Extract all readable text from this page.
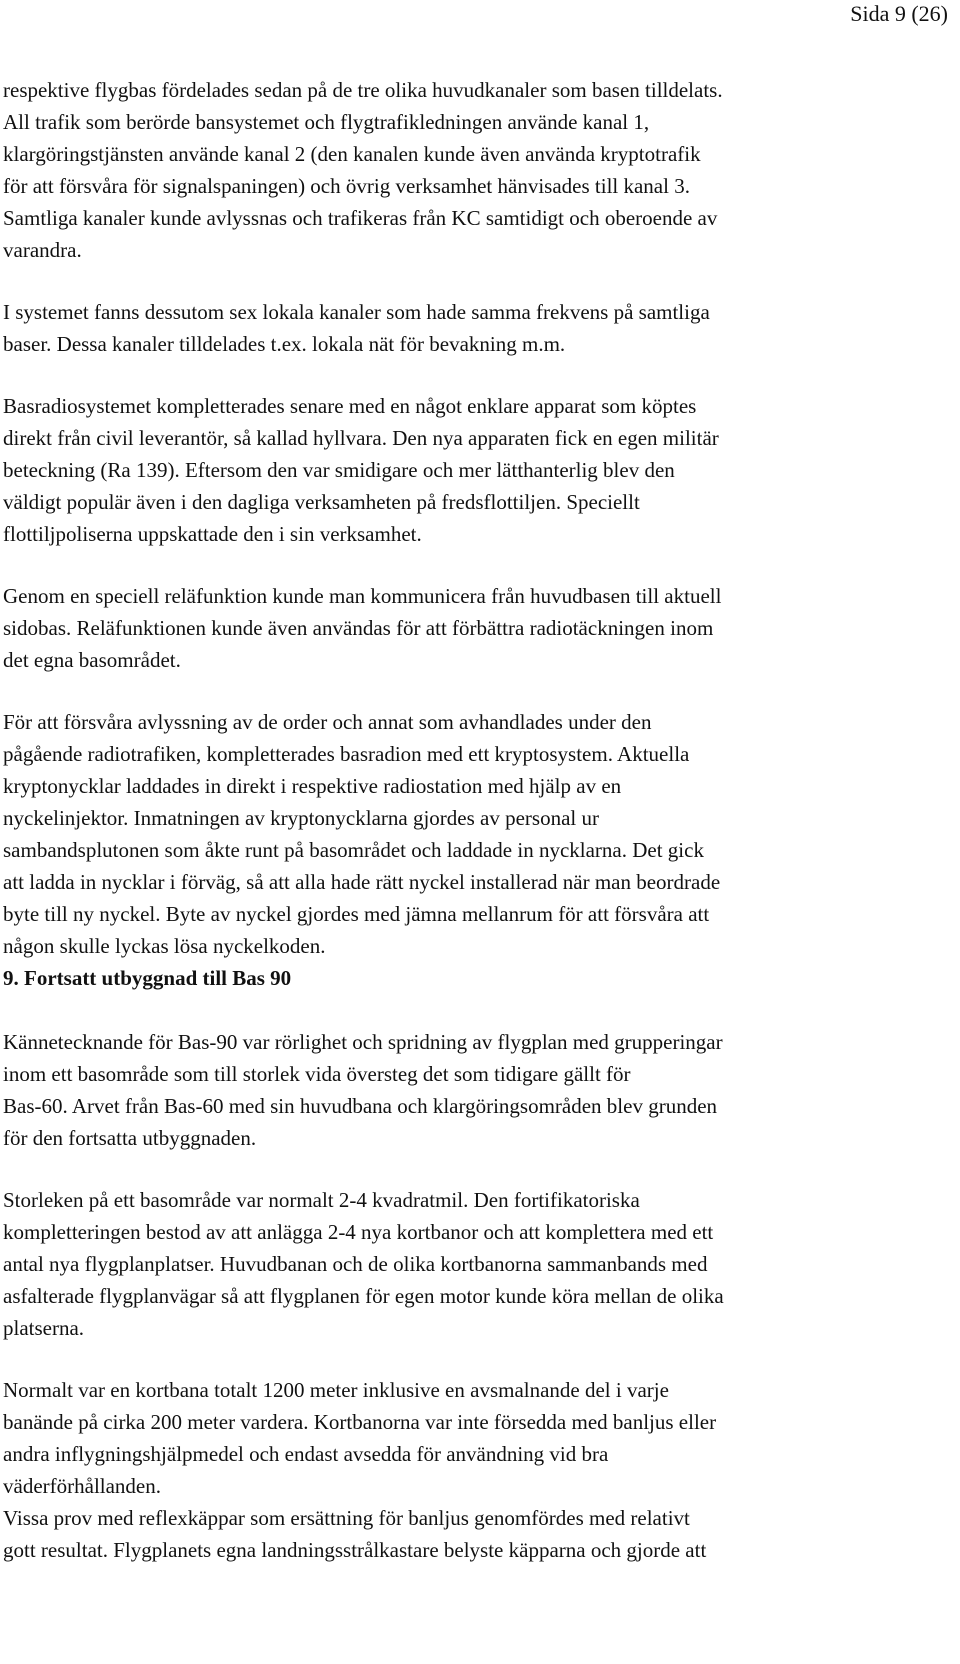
Sida 9 (26)

respektive flygbas fördelades sedan på de tre olika huvudkanaler som basen tilldelats.
All trafik som berörde bansystemet och flygtrafikledningen använde kanal 1,
klargöringstjänsten använde kanal 2 (den kanalen kunde även använda kryptotrafik
för att försvåra för signalspaningen) och övrig verksamhet hänvisades till kanal 3.
Samtliga kanaler kunde avlyssnas och trafikeras från KC samtidigt och oberoende av
varandra.

I systemet fanns dessutom sex lokala kanaler som hade samma frekvens på samtliga
baser. Dessa kanaler tilldelades t.ex. lokala nät för bevakning m.m.

Basradiosystemet kompletterades senare med en något enklare apparat som köptes
direkt från civil leverantör, så kallad hyllvara. Den nya apparaten fick en egen militär
beteckning (Ra 139). Eftersom den var smidigare och mer lätthanterlig blev den
väldigt populär även i den dagliga verksamheten på fredsflottiljen. Speciellt
flottiljpoliserna uppskattade den i sin verksamhet.

Genom en speciell reläfunktion kunde man kommunicera från huvudbasen till aktuell
sidobas. Reläfunktionen kunde även användas för att förbättra radiotäckningen inom
det egna basområdet.

För att försvåra avlyssning av de order och annat som avhandlades under den
pågående radiotrafiken, kompletterades basradion med ett kryptosystem. Aktuella
kryptonycklar laddades in direkt i respektive radiostation med hjälp av en
nyckelinjektor. Inmatningen av kryptonycklarna gjordes av personal ur
sambandsplutonen som åkte runt på basområdet och laddade in nycklarna. Det gick
att ladda in nycklar i förväg, så att alla hade rätt nyckel installerad när man beordrade
byte till ny nyckel. Byte av nyckel gjordes med jämna mellanrum för att försvåra att
någon skulle lyckas lösa nyckelkoden.

9. Fortsatt utbyggnad till Bas 90

Kännetecknande för Bas-90 var rörlighet och spridning av flygplan med grupperingar
inom ett basområde som till storlek vida översteg det som tidigare gällt för
Bas-60. Arvet från Bas-60 med sin huvudbana och klargöringsområden blev grunden
för den fortsatta utbyggnaden.

Storleken på ett basområde var normalt 2-4 kvadratmil. Den fortifikatoriska
kompletteringen bestod av att anlägga 2-4 nya kortbanor och att komplettera med ett
antal nya flygplanplatser. Huvudbanan och de olika kortbanorna sammanbands med
asfalterade flygplanvägar så att flygplanen för egen motor kunde köra mellan de olika
platserna.

Normalt var en kortbana totalt 1200 meter inklusive en avsmalnande del i varje
banände på cirka 200 meter vardera. Kortbanorna var inte försedda med banljus eller
andra inflygningshjälpmedel och endast avsedda för användning vid bra
väderförhållanden.
Vissa prov med reflexkäppar som ersättning för banljus genomfördes med relativt
gott resultat. Flygplanets egna landningsstrålkastare belyste käpparna och gjorde att
